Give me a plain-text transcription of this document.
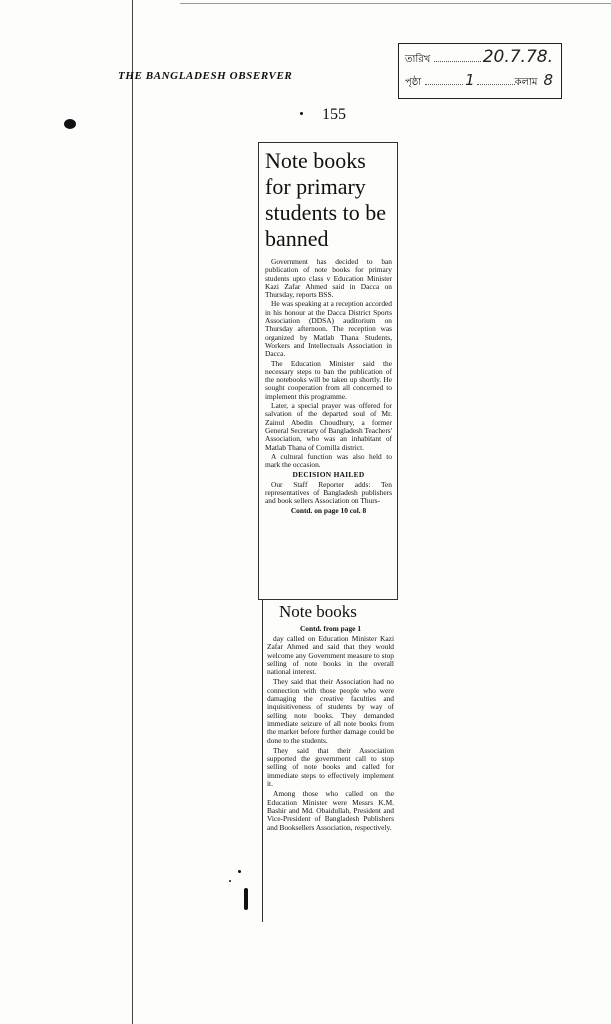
THE BANGLADESH OBSERVER
155
তারিখ	20.7.78.
পৃষ্ঠা	1	কলাম 8
Note books for primary students to be banned

Government has decided to ban publication of note books for primary students upto class v Education Minister Kazi Zafar Ahmed said in Dacca on Thursday, reports BSS.

He was speaking at a reception accorded in his honour at the Dacca District Sports Association (DDSA) auditorium on Thursday afternoon. The reception was organized by Matlab Thana Students, Workers and Intellectuals Association in Dacca.

The Education Minister said the necessary steps to ban the publication of the notebooks will be taken up shortly. He sought cooperation from all concerned to implement this programme.

Later, a special prayer was offered for salvation of the departed soul of Mr. Zainul Abedin Choudhury, a former General Secretary of Bangladesh Teachers' Association, who was an inhabitant of Matlab Thana of Comilla district.

A cultural function was also held to mark the occasion.

DECISION HAILED

Our Staff Reporter adds: Ten representatives of Bangladesh publishers and book sellers Association on Thurs-

Contd. on page 10 col. 8
Note books
Contd. from page 1

day called on Education Minister Kazi Zafar Ahmed and said that they would welcome any Government measure to stop selling of note books in the overall national interest.

They said that their Association had no connection with those people who were damaging the creative faculties and inquisitiveness of students by way of selling note books. They demanded immediate seizure of all note books from the market before further damage could be done to the students.

They said that their Association supported the government call to stop selling of note books and called for immediate steps to effectively implement it.

Among those who called on the Education Minister were Messrs K.M. Bashir and Md. Obaidullah, President and Vice-President of Bangladesh Publishers and Booksellers Association, respectively.
